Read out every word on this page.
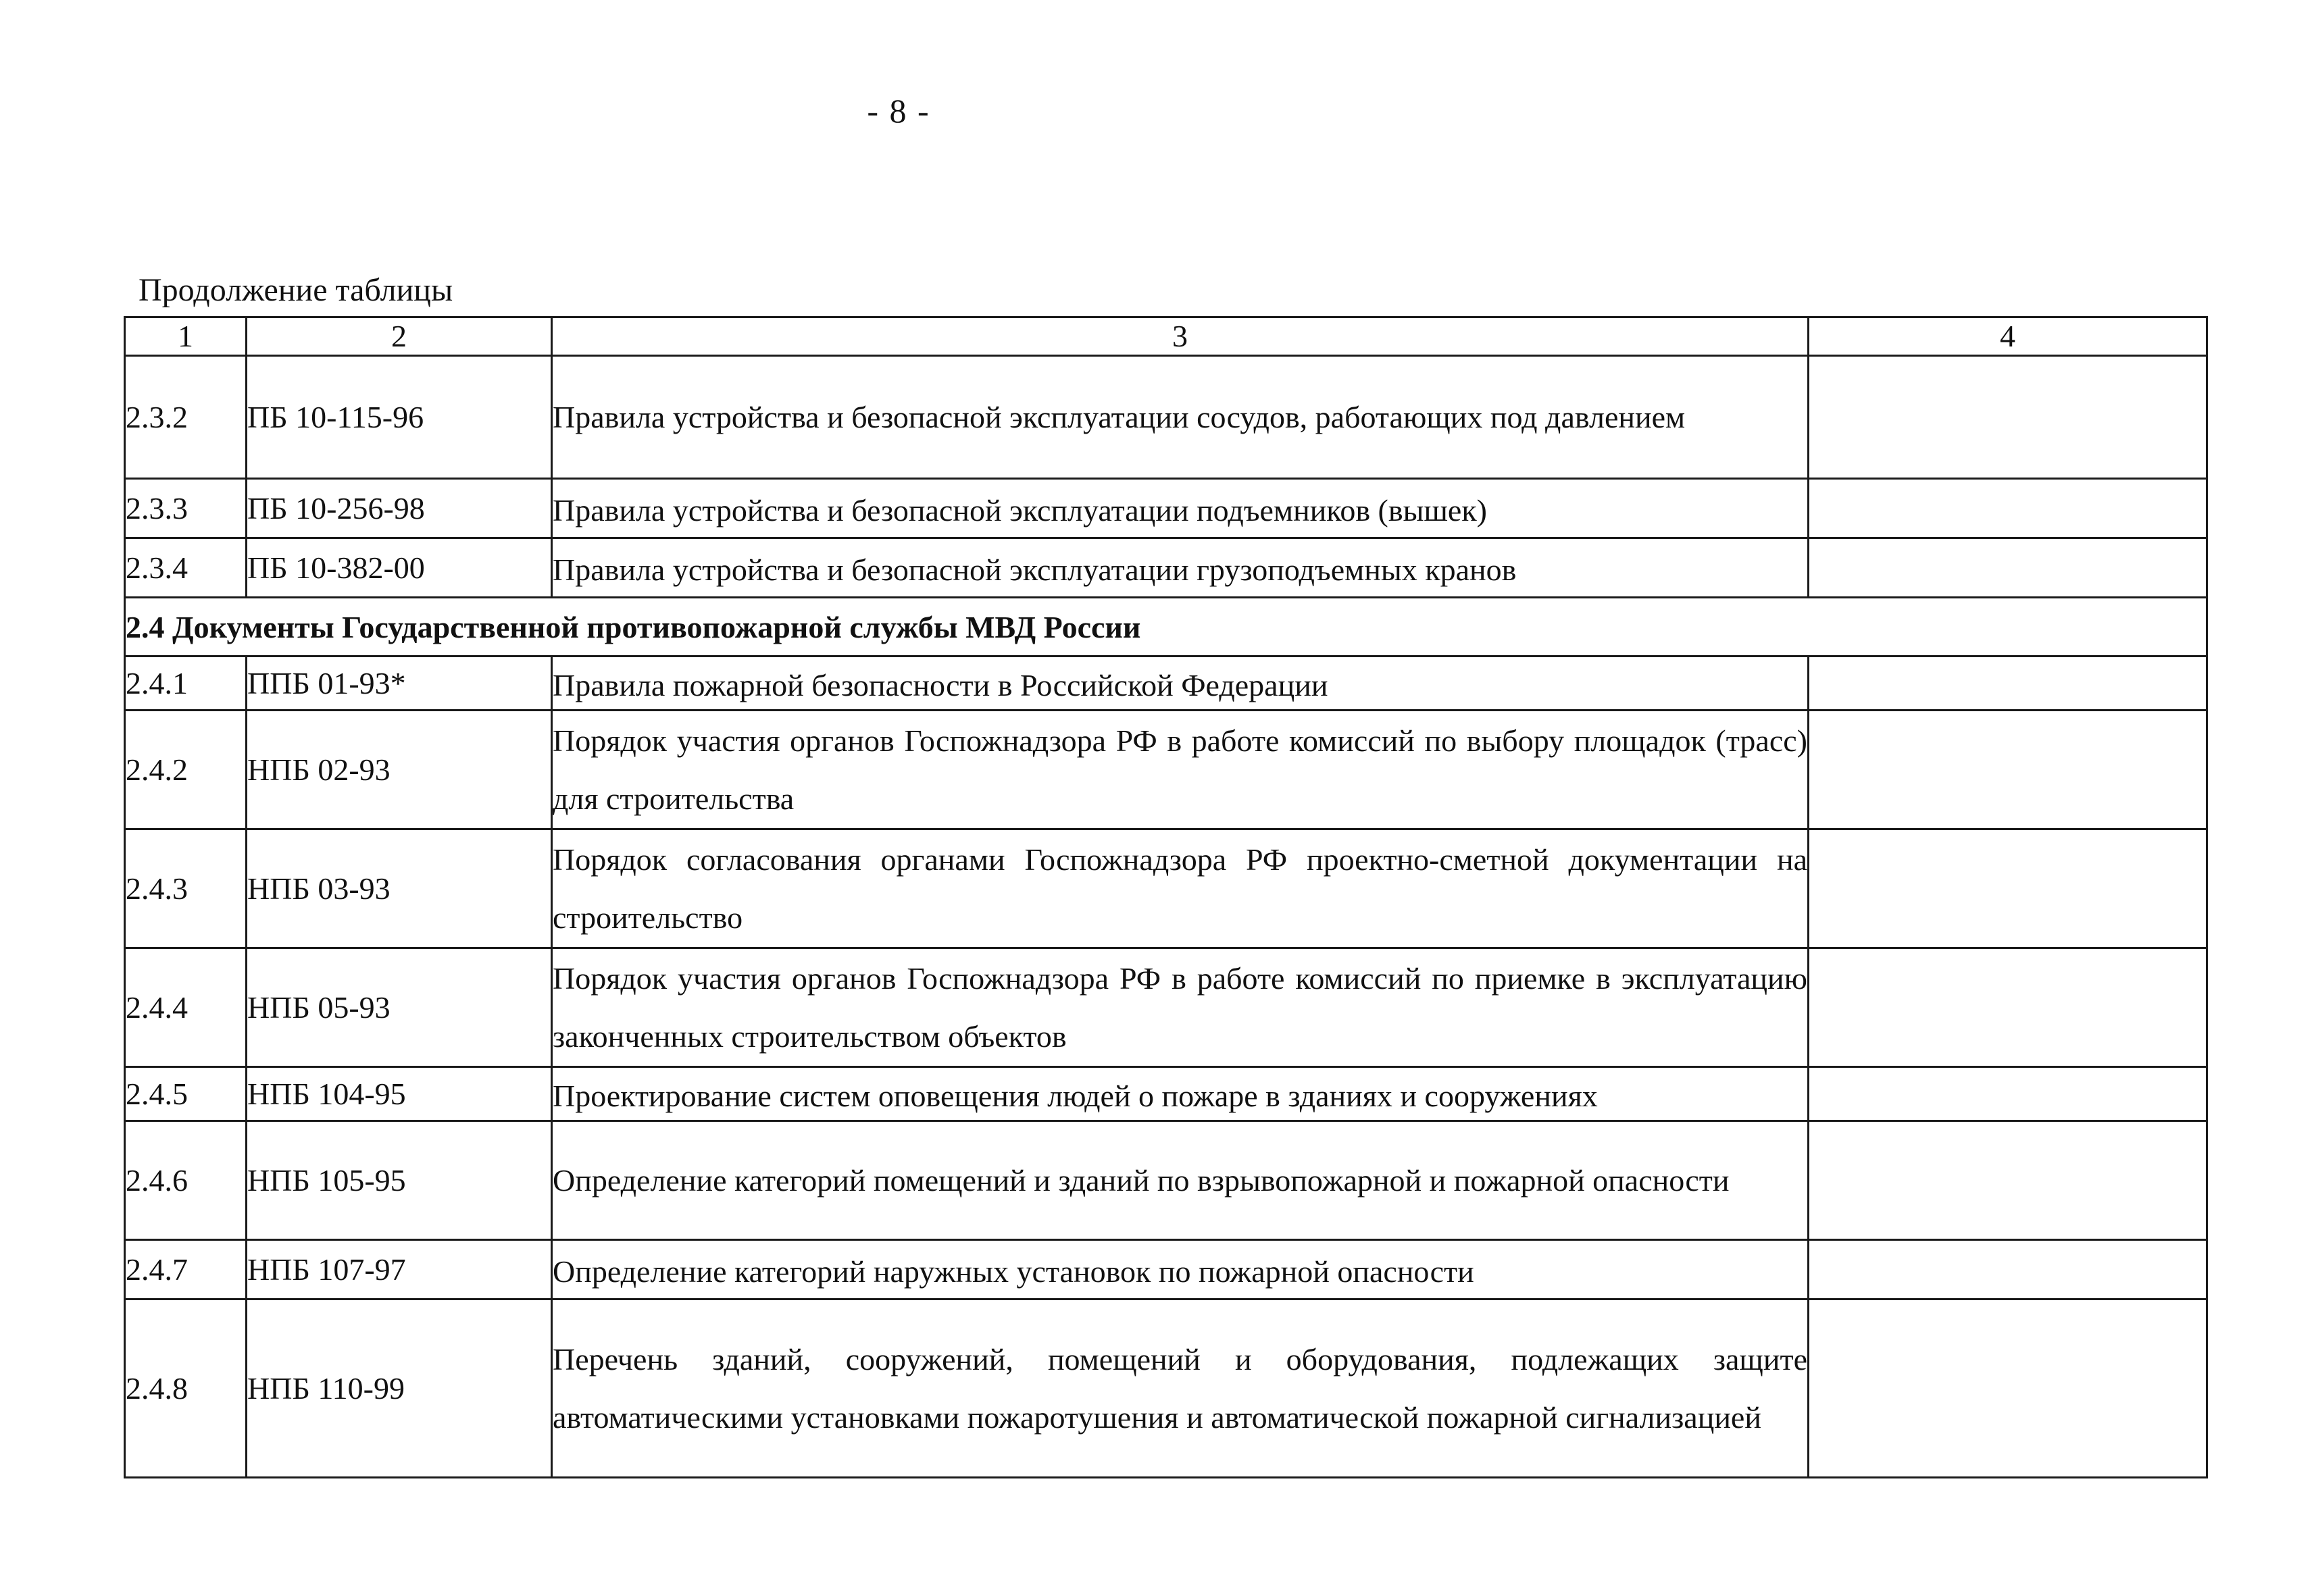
- 8 -
Продолжение таблицы
1	2	3	4
2.3.2	ПБ 10-115-96	Правила устройства и безопасной эксплуатации сосудов, работающих под давлением	
2.3.3	ПБ 10-256-98	Правила устройства и безопасной эксплуатации подъемников (вышек)	
2.3.4	ПБ 10-382-00	Правила устройства и безопасной эксплуатации грузоподъемных кранов	
2.4 Документы Государственной противопожарной службы МВД России			
2.4.1	ППБ 01-93*	Правила пожарной безопасности в Российской Федерации	
2.4.2	НПБ 02-93	Порядок участия органов Госпожнадзора РФ в работе комиссий по выбору площадок (трасс) для строительства	
2.4.3	НПБ 03-93	Порядок согласования органами Госпожнадзора РФ проектно-сметной документации на строительство	
2.4.4	НПБ 05-93	Порядок участия органов Госпожнадзора РФ в работе комиссий по приемке в эксплуатацию законченных строительством объектов	
2.4.5	НПБ 104-95	Проектирование систем оповещения людей о пожаре в зданиях и сооружениях	
2.4.6	НПБ 105-95	Определение категорий помещений и зданий по взрывопожарной и пожарной опасности	
2.4.7	НПБ 107-97	Определение категорий наружных установок по пожарной опасности	
2.4.8	НПБ 110-99	Перечень зданий, сооружений, помещений и оборудования, подлежащих защите автоматическими установками пожаротушения и автоматической пожарной сигнализацией	
